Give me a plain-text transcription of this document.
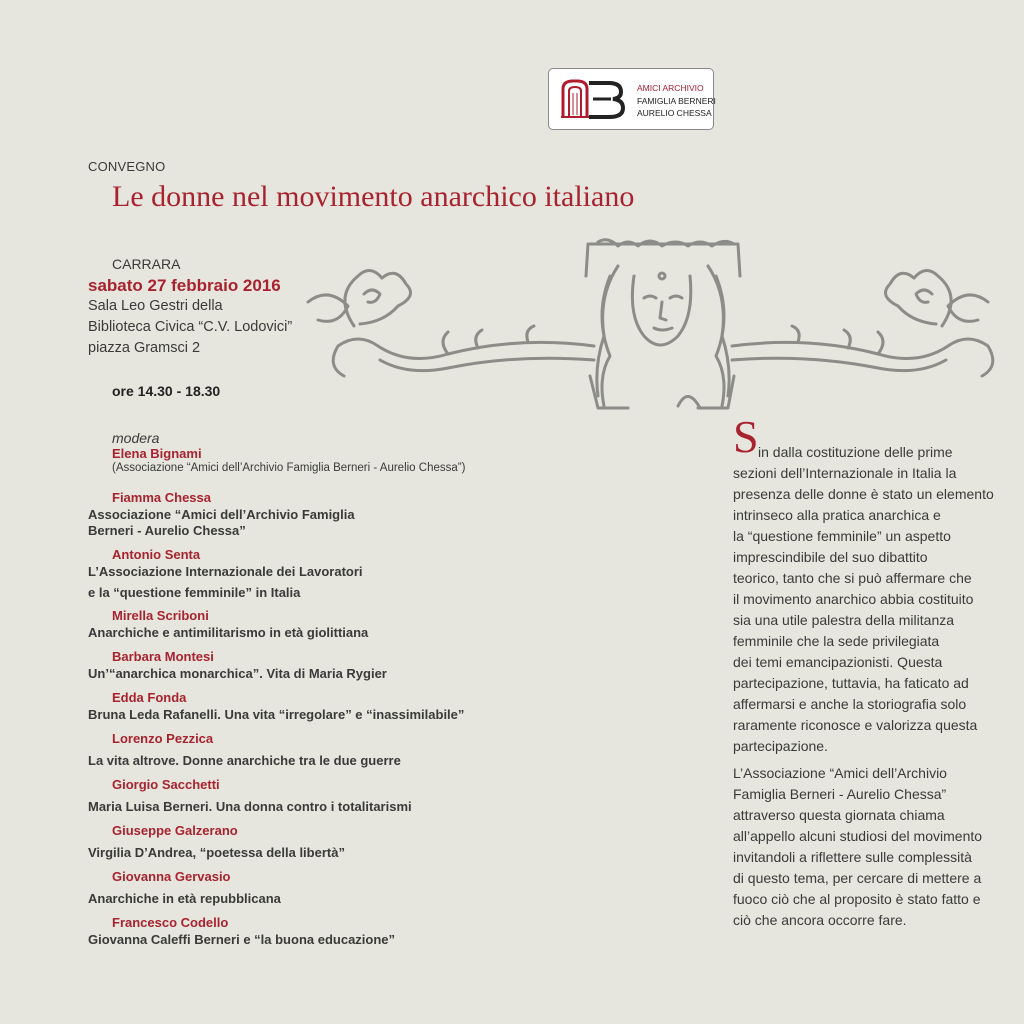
AMICI ARCHIVIO
FAMIGLIA BERNERI
AURELIO CHESSA
CONVEGNO
Le donne nel movimento anarchico italiano
CARRARA
sabato 27 febbraio 2016
Sala Leo Gestri della
Biblioteca Civica “C.V. Lodovici”
piazza Gramsci 2
ore 14.30 - 18.30
modera
Elena Bignami
(Associazione “Amici dell’Archivio Famiglia Berneri - Aurelio Chessa”)
Fiamma Chessa
Associazione “Amici dell’Archivio Famiglia
Berneri - Aurelio Chessa”
Antonio Senta
L’Associazione Internazionale dei Lavoratori
e la “questione femminile” in Italia
Mirella Scriboni
Anarchiche e antimilitarismo in età giolittiana
Barbara Montesi
Un’“anarchica monarchica”. Vita di Maria Rygier
Edda Fonda
Bruna Leda Rafanelli. Una vita “irregolare” e “inassimilabile”
Lorenzo Pezzica
La vita altrove. Donne anarchiche tra le due guerre
Giorgio Sacchetti
Maria Luisa Berneri. Una donna contro i totalitarismi
Giuseppe Galzerano
Virgilia D’Andrea, “poetessa della libertà”
Giovanna Gervasio
Anarchiche in età repubblicana
Francesco Codello
Giovanna Caleffi Berneri e “la buona educazione”
S in dalla costituzione delle prime
sezioni dell’Internazionale in Italia la
presenza delle donne è stato un elemento
intrinseco alla pratica anarchica e
la “questione femminile” un aspetto
imprescindibile del suo dibattito
teorico, tanto che si può affermare che
il movimento anarchico abbia costituito
sia una utile palestra della militanza
femminile che la sede privilegiata
dei temi emancipazionisti. Questa
partecipazione, tuttavia, ha faticato ad
affermarsi e anche la storiografia solo
raramente riconosce e valorizza questa
partecipazione.
L’Associazione “Amici dell’Archivio
Famiglia Berneri - Aurelio Chessa”
attraverso questa giornata chiama
all’appello alcuni studiosi del movimento
invitandoli a riflettere sulle complessità
di questo tema, per cercare di mettere a
fuoco ciò che al proposito è stato fatto e
ciò che ancora occorre fare.
